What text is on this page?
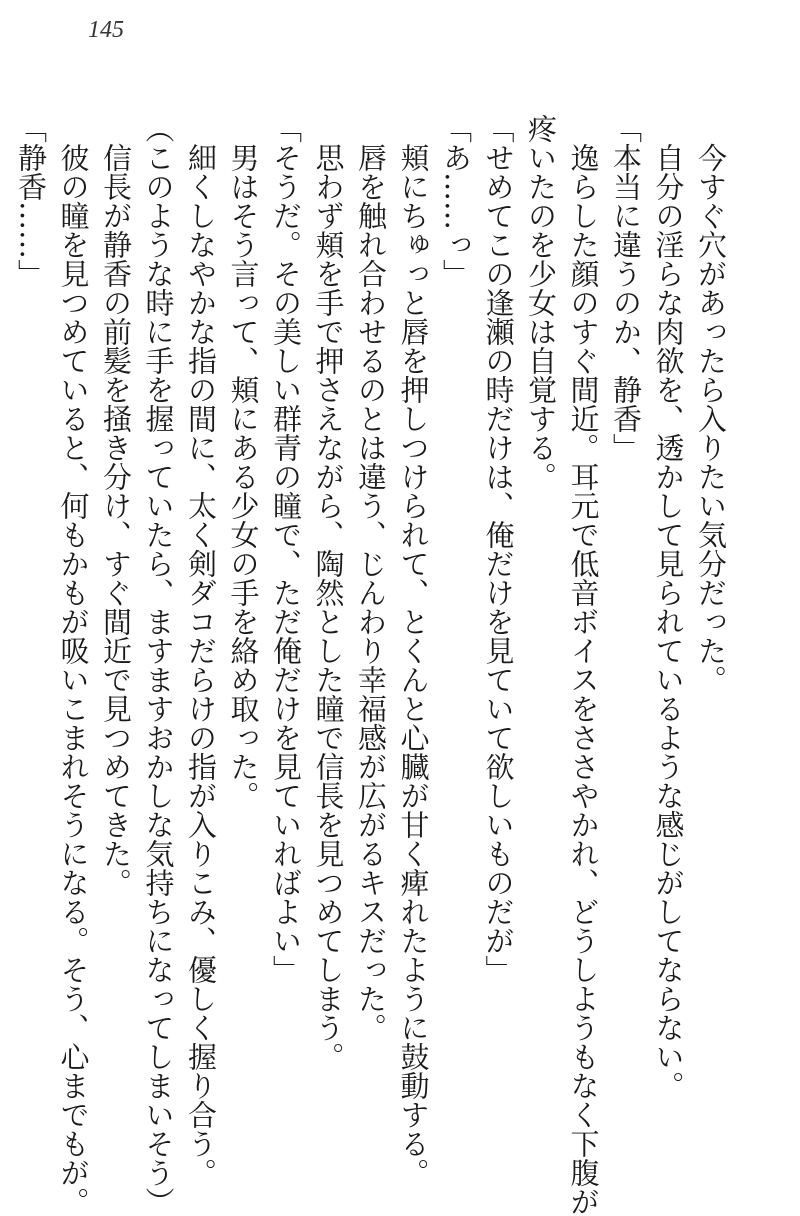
145
　今すぐ穴があったら入りたい気分だった。
　自分の淫らな肉欲を、透かして見られているような感じがしてならない。
「本当に違うのか、静香」
　逸らした顔のすぐ間近。耳元で低音ボイスをささやかれ、どうしようもなく下腹が
疼いたのを少女は自覚する。
「せめてこの逢瀬の時だけは、俺だけを見ていて欲しいものだが」
「あ……っ」
　頬にちゅっと唇を押しつけられて、とくんと心臓が甘く痺れたように鼓動する。
　唇を触れ合わせるのとは違う、じんわり幸福感が広がるキスだった。
　思わず頬を手で押さえながら、陶然とした瞳で信長を見つめてしまう。
「そうだ。その美しい群青の瞳で、ただ俺だけを見ていればよい」
　男はそう言って、頬にある少女の手を絡め取った。
　細くしなやかな指の間に、太く剣ダコだらけの指が入りこみ、優しく握り合う。
（このような時に手を握っていたら、ますますおかしな気持ちになってしまいそう）
　信長が静香の前髪を掻き分け、すぐ間近で見つめてきた。
　彼の瞳を見つめていると、何もかもが吸いこまれそうになる。そう、心までもが。
「静香……」
